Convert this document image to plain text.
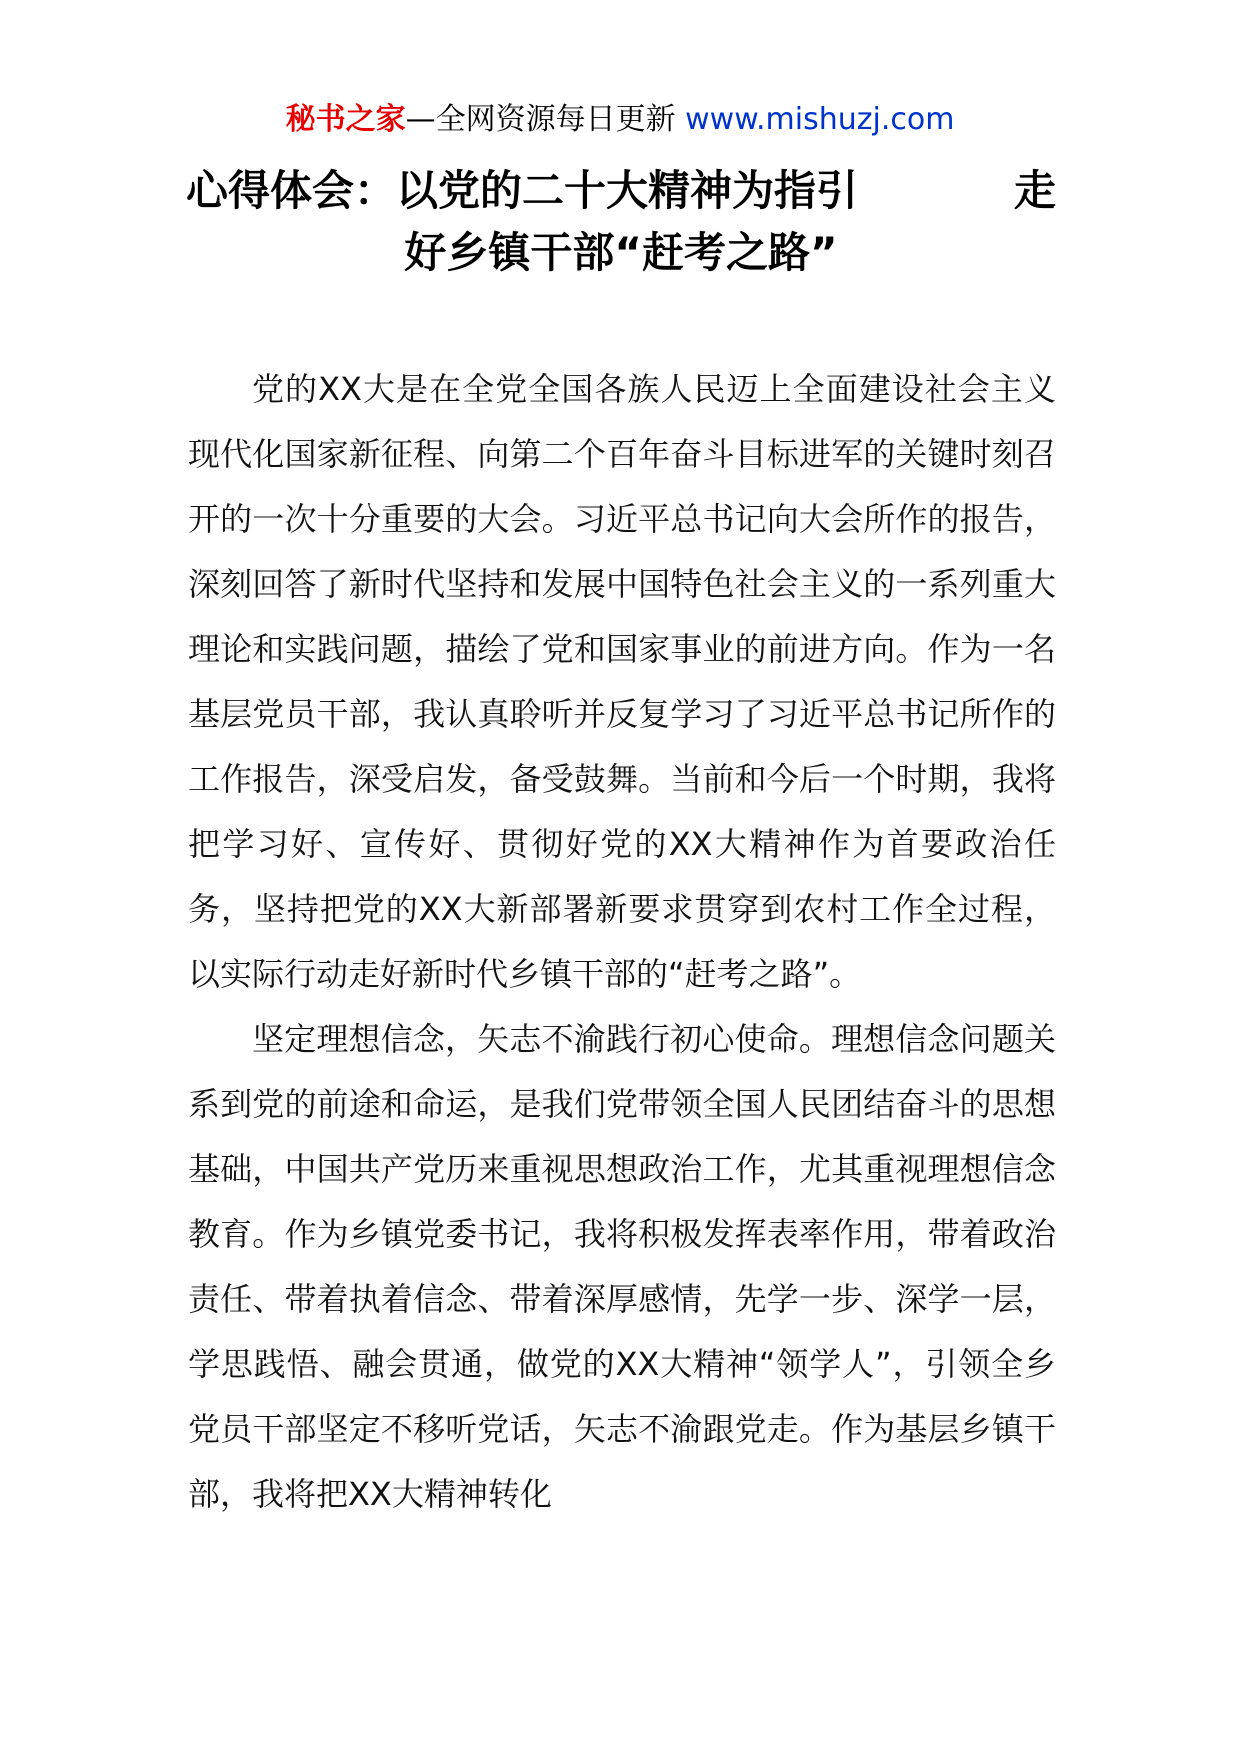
秘书之家—全网资源每日更新 www.mishuzj.com
心得体会：以党的二十大精神为指引	走
好乡镇干部“赶考之路”

党的XX大是在全党全国各族人民迈上全面建设社会主义现代化国家新征程、向第二个百年奋斗目标进军的关键时刻召开的一次十分重要的大会。习近平总书记向大会所作的报告，深刻回答了新时代坚持和发展中国特色社会主义的一系列重大理论和实践问题，描绘了党和国家事业的前进方向。作为一名基层党员干部，我认真聆听并反复学习了习近平总书记所作的工作报告，深受启发，备受鼓舞。当前和今后一个时期，我将把学习好、宣传好、贯彻好党的XX大精神作为首要政治任务，坚持把党的XX大新部署新要求贯穿到农村工作全过程，以实际行动走好新时代乡镇干部的“赶考之路”。

坚定理想信念，矢志不渝践行初心使命。理想信念问题关系到党的前途和命运，是我们党带领全国人民团结奋斗的思想基础，中国共产党历来重视思想政治工作，尤其重视理想信念教育。作为乡镇党委书记，我将积极发挥表率作用，带着政治责任、带着执着信念、带着深厚感情，先学一步、深学一层，学思践悟、融会贯通，做党的XX大精神“领学人”，引领全乡党员干部坚定不移听党话，矢志不渝跟党走。作为基层乡镇干部，我将把XX大精神转化
